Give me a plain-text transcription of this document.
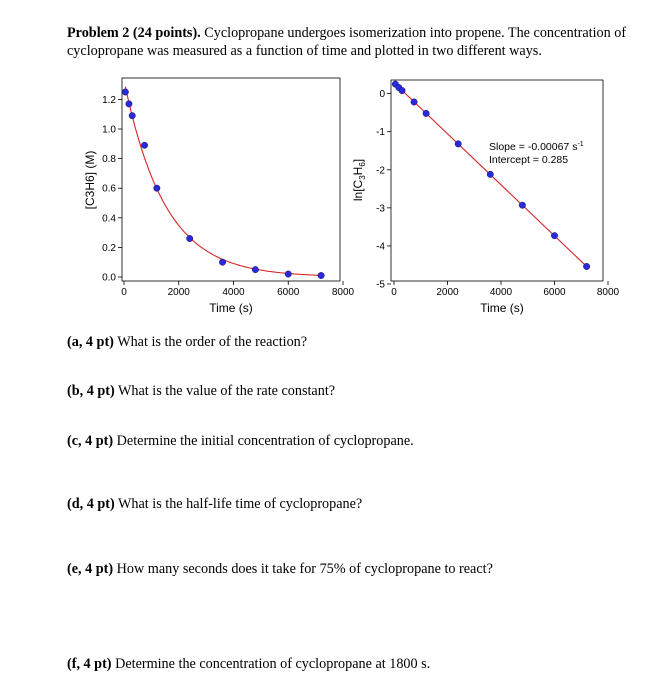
Problem 2 (24 points). Cyclopropane undergoes isomerization into propene. The concentration of cyclopropane was measured as a function of time and plotted in two different ways.
0	2000	4000	6000	8000
0.0
0.2
0.4
0.6
0.8
1.0
1.2
Time (s)
[C3H6] (M)
0	2000	4000	6000	8000
0
-1
-2
-3
-4
-5
Time (s)
$\ln[C_3H_6]$
Slope = -0.00067 $s^{-1}$
Intercept = 0.285
(a, 4 pt) What is the order of the reaction?
(b, 4 pt) What is the value of the rate constant?
(c, 4 pt) Determine the initial concentration of cyclopropane.
(d, 4 pt) What is the half-life time of cyclopropane?
(e, 4 pt) How many seconds does it take for 75% of cyclopropane to react?
(f, 4 pt) Determine the concentration of cyclopropane at 1800 s.
